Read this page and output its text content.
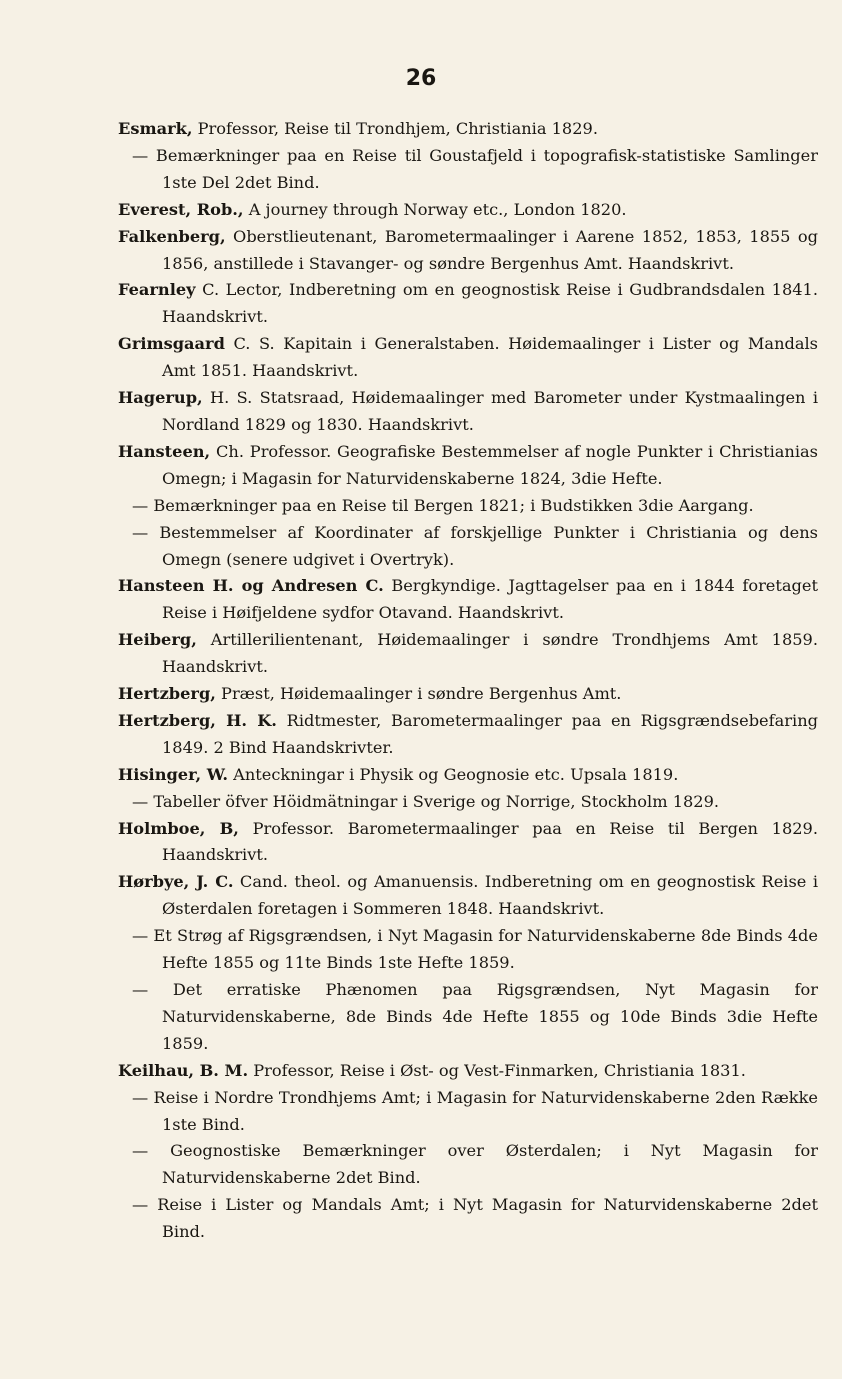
26
Esmark, Professor, Reise til Trondhjem, Christiania 1829.
— Bemærkninger paa en Reise til Goustafjeld i topografisk-statistiske Samlinger 1ste Del 2det Bind.
Everest, Rob., A journey through Norway etc., London 1820.
Falkenberg, Oberstlieutenant, Barometermaalinger i Aarene 1852, 1853, 1855 og 1856, anstillede i Stavanger- og søndre Bergenhus Amt. Haandskrivt.
Fearnley C. Lector, Indberetning om en geognostisk Reise i Gudbrandsdalen 1841. Haandskrivt.
Grimsgaard C. S. Kapitain i Generalstaben. Høidemaalinger i Lister og Mandals Amt 1851. Haandskrivt.
Hagerup, H. S. Statsraad, Høidemaalinger med Barometer under Kystmaalingen i Nordland 1829 og 1830. Haandskrivt.
Hansteen, Ch. Professor. Geografiske Bestemmelser af nogle Punkter i Christianias Omegn; i Magasin for Naturvidenskaberne 1824, 3die Hefte.
— Bemærkninger paa en Reise til Bergen 1821; i Budstikken 3die Aargang.
— Bestemmelser af Koordinater af forskjellige Punkter i Christiania og dens Omegn (senere udgivet i Overtryk).
Hansteen H. og Andresen C. Bergkyndige. Jagttagelser paa en i 1844 foretaget Reise i Høifjeldene sydfor Otavand. Haandskrivt.
Heiberg, Artillerilientenant, Høidemaalinger i søndre Trondhjems Amt 1859. Haandskrivt.
Hertzberg, Præst, Høidemaalinger i søndre Bergenhus Amt.
Hertzberg, H. K. Ridtmester, Barometermaalinger paa en Rigsgrændsebefaring 1849. 2 Bind Haandskrivter.
Hisinger, W. Anteckningar i Physik og Geognosie etc. Upsala 1819.
— Tabeller öfver Höidmätningar i Sverige og Norrige, Stockholm 1829.
Holmboe, B, Professor. Barometermaalinger paa en Reise til Bergen 1829. Haandskrivt.
Hørbye, J. C. Cand. theol. og Amanuensis. Indberetning om en geognostisk Reise i Østerdalen foretagen i Sommeren 1848. Haandskrivt.
— Et Strøg af Rigsgrændsen, i Nyt Magasin for Naturvidenskaberne 8de Binds 4de Hefte 1855 og 11te Binds 1ste Hefte 1859.
— Det erratiske Phænomen paa Rigsgrændsen, Nyt Magasin for Naturvidenskaberne, 8de Binds 4de Hefte 1855 og 10de Binds 3die Hefte 1859.
Keilhau, B. M. Professor, Reise i Øst- og Vest-Finmarken, Christiania 1831.
— Reise i Nordre Trondhjems Amt; i Magasin for Naturvidenskaberne 2den Række 1ste Bind.
— Geognostiske Bemærkninger over Østerdalen; i Nyt Magasin for Naturvidenskaberne 2det Bind.
— Reise i Lister og Mandals Amt; i Nyt Magasin for Naturvidenskaberne 2det Bind.
